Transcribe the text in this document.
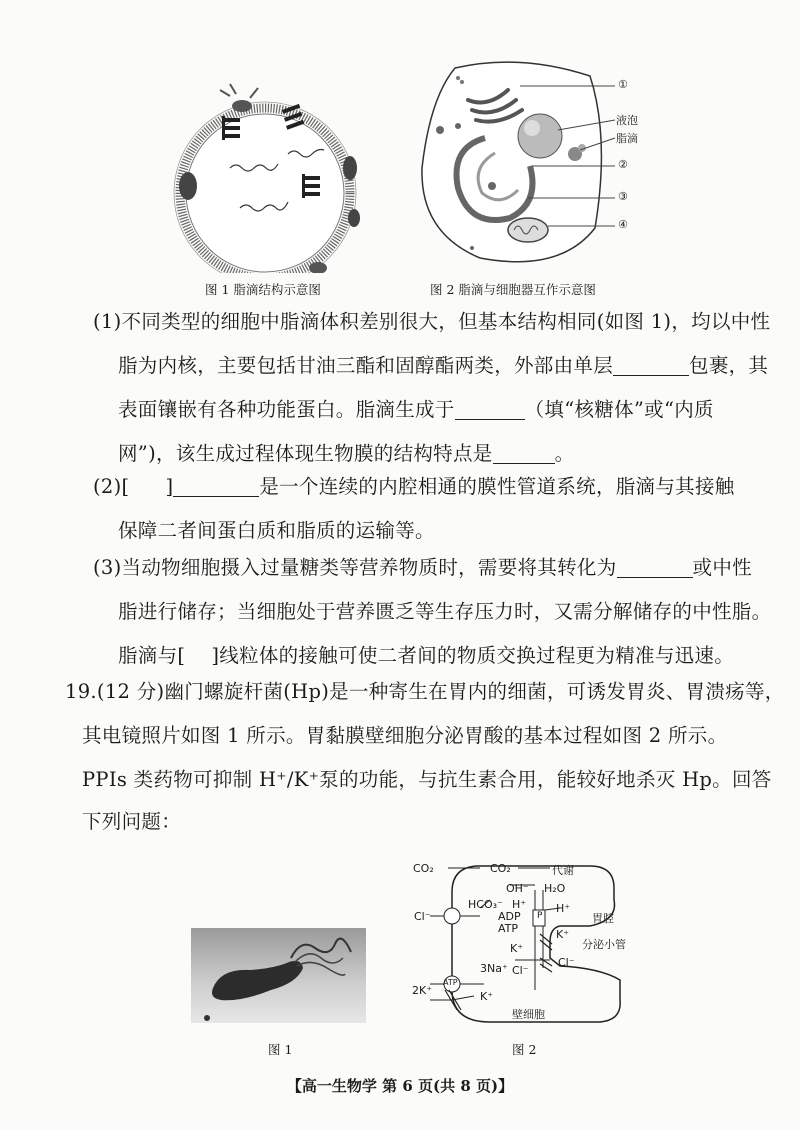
图 1 脂滴结构示意图
①
液泡
脂滴
②
③
④
图 2 脂滴与细胞器互作示意图
(1)不同类型的细胞中脂滴体积差别很大，但基本结构相同(如图 1)，均以中性
脂为内核，主要包括甘油三酯和固醇酯两类，外部由单层	包裹，其
表面镶嵌有各种功能蛋白。脂滴生成于	（填“核糖体”或“内质
网”)，该生成过程体现生物膜的结构特点是	。
(2)[ ]	是一个连续的内腔相通的膜性管道系统，脂滴与其接触
保障二者间蛋白质和脂质的运输等。
(3)当动物细胞摄入过量糖类等营养物质时，需要将其转化为	或中性
脂进行储存；当细胞处于营养匮乏等生存压力时，又需分解储存的中性脂。
脂滴与[ ]线粒体的接触可使二者间的物质交换过程更为精准与迅速。
19.(12 分)幽门螺旋杆菌(Hp)是一种寄生在胃内的细菌，可诱发胃炎、胃溃疡等，
其电镜照片如图 1 所示。胃黏膜壁细胞分泌胃酸的基本过程如图 2 所示。
PPIs 类药物可抑制 H⁺/K⁺泵的功能，与抗生素合用，能较好地杀灭 Hp。回答
下列问题：
图 1
CO₂	CO₂	代谢
OH⁻ H₂O
HCO₃⁻ H⁺	H⁺
P
ADP
ATP
Cl⁻	胃腔
K⁺
K⁺
分泌小管
Cl⁻
Cl⁻
ATP
3Na⁺
2K⁺	K⁺
壁细胞
图 2
【高一生物学 第 6 页(共 8 页)】
